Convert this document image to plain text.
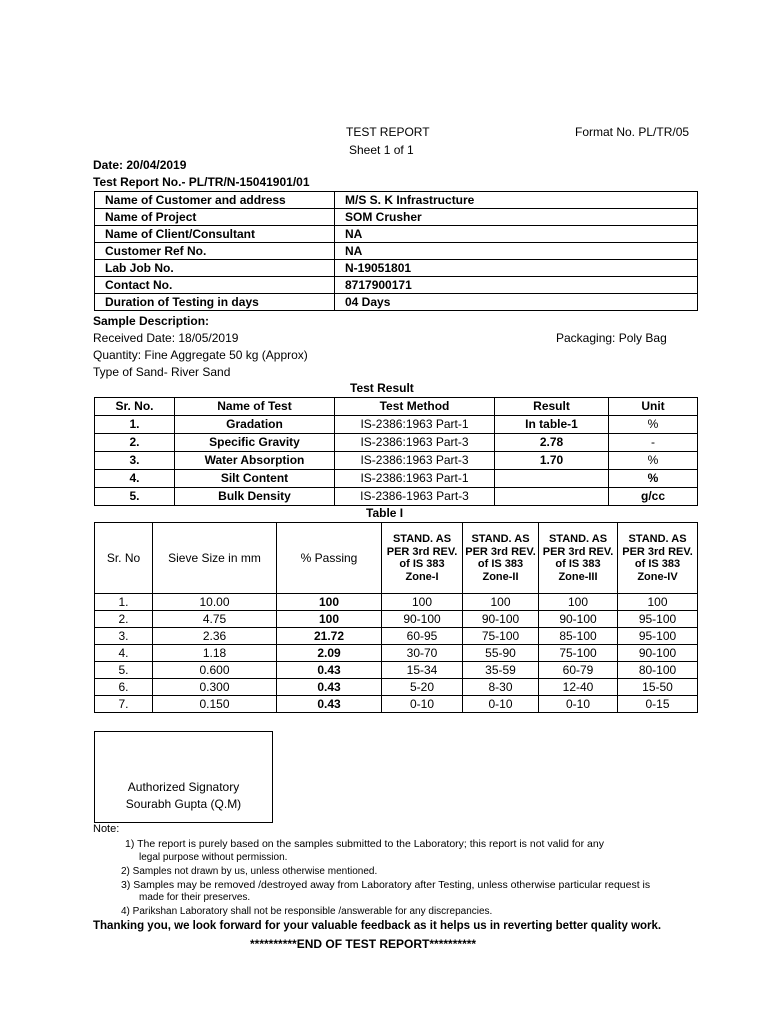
TEST REPORT	Format No. PL/TR/05
Sheet 1 of 1
Date: 20/04/2019
Test Report No.- PL/TR/N-15041901/01
Name of Customer and address	M/S S. K Infrastructure
Name of Project	SOM Crusher
Name of Client/Consultant	NA
Customer Ref No.	NA
Lab Job No.	N-19051801
Contact No.	8717900171
Duration of Testing in days	04 Days
Sample Description:
Received Date: 18/05/2019	Packaging: Poly Bag
Quantity: Fine Aggregate 50 kg (Approx)
Type of Sand- River Sand
Test Result
Sr. No.	Name of Test	Test Method	Result	Unit
1.	Gradation	IS-2386:1963 Part-1	In table-1	%
2.	Specific Gravity	IS-2386:1963 Part-3	2.78	-
3.	Water Absorption	IS-2386:1963 Part-3	1.70	%
4.	Silt Content	IS-2386:1963 Part-1		%
5.	Bulk Density	IS-2386-1963 Part-3		g/cc
Table I
Sr. No	Sieve Size in mm	% Passing	STAND. AS PER 3rd REV. of IS 383 Zone-I	STAND. AS PER 3rd REV. of IS 383 Zone-II	STAND. AS PER 3rd REV. of IS 383 Zone-III	STAND. AS PER 3rd REV. of IS 383 Zone-IV
1.	10.00	100	100	100	100	100
2.	4.75	100	90-100	90-100	90-100	95-100
3.	2.36	21.72	60-95	75-100	85-100	95-100
4.	1.18	2.09	30-70	55-90	75-100	90-100
5.	0.600	0.43	15-34	35-59	60-79	80-100
6.	0.300	0.43	5-20	8-30	12-40	15-50
7.	0.150	0.43	0-10	0-10	0-10	0-15
Authorized Signatory
Sourabh Gupta (Q.M)
Note:
1) The report is purely based on the samples submitted to the Laboratory; this report is not valid for any
legal purpose without permission.
2) Samples not drawn by us, unless otherwise mentioned.
3) Samples may be removed /destroyed away from Laboratory after Testing, unless otherwise particular request is
made for their preserves.
4) Parikshan Laboratory shall not be responsible /answerable for any discrepancies.
Thanking you, we look forward for your valuable feedback as it helps us in reverting better quality work.
**********END OF TEST REPORT**********
